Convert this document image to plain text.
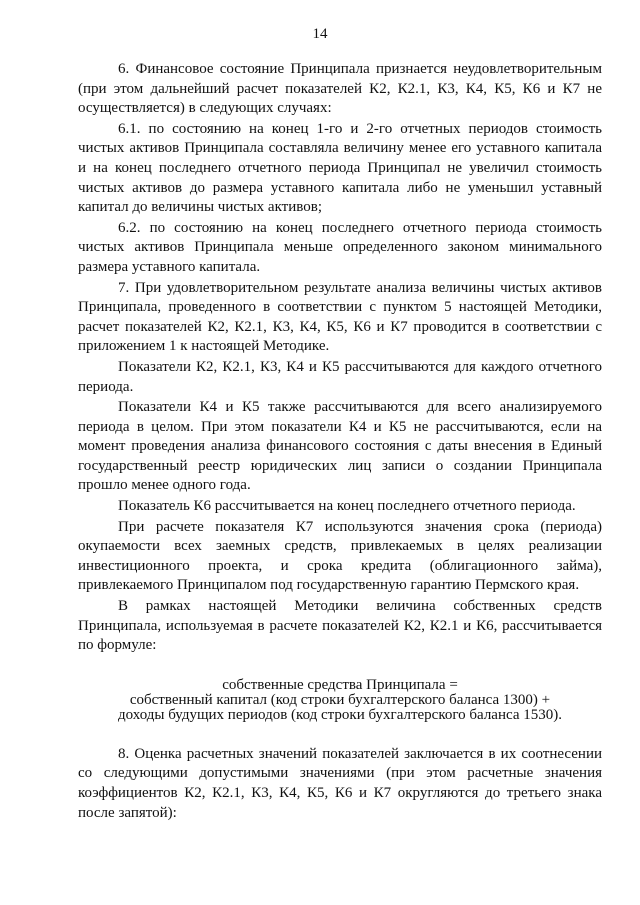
14

6. Финансовое состояние Принципала признается неудовлетворительным (при этом дальнейший расчет показателей К2, К2.1, К3, К4, К5, К6 и К7 не осуществляется) в следующих случаях:

6.1. по состоянию на конец 1-го и 2-го отчетных периодов стоимость чистых активов Принципала составляла величину менее его уставного капитала и на конец последнего отчетного периода Принципал не увеличил стоимость чистых активов до размера уставного капитала либо не уменьшил уставный капитал до величины чистых активов;

6.2. по состоянию на конец последнего отчетного периода стоимость чистых активов Принципала меньше определенного законом минимального размера уставного капитала.

7. При удовлетворительном результате анализа величины чистых активов Принципала, проведенного в соответствии с пунктом 5 настоящей Методики, расчет показателей К2, К2.1, К3, К4, К5, К6 и К7 проводится в соответствии с приложением 1 к настоящей Методике.

Показатели К2, К2.1, К3, К4 и К5 рассчитываются для каждого отчетного периода.

Показатели К4 и К5 также рассчитываются для всего анализируемого периода в целом. При этом показатели К4 и К5 не рассчитываются, если на момент проведения анализа финансового состояния с даты внесения в Единый государственный реестр юридических лиц записи о создании Принципала прошло менее одного года.

Показатель К6 рассчитывается на конец последнего отчетного периода.

При расчете показателя К7 используются значения срока (периода) окупаемости всех заемных средств, привлекаемых в целях реализации инвестиционного проекта, и срока кредита (облигационного займа), привлекаемого Принципалом под государственную гарантию Пермского края.

В рамках настоящей Методики величина собственных средств Принципала, используемая в расчете показателей К2, К2.1 и К6, рассчитывается по формуле:

собственные средства Принципала =
собственный капитал (код строки бухгалтерского баланса 1300) +
доходы будущих периодов (код строки бухгалтерского баланса 1530).

8. Оценка расчетных значений показателей заключается в их соотнесении со следующими допустимыми значениями (при этом расчетные значения коэффициентов К2, К2.1, К3, К4, К5, К6 и К7 округляются до третьего знака после запятой):
